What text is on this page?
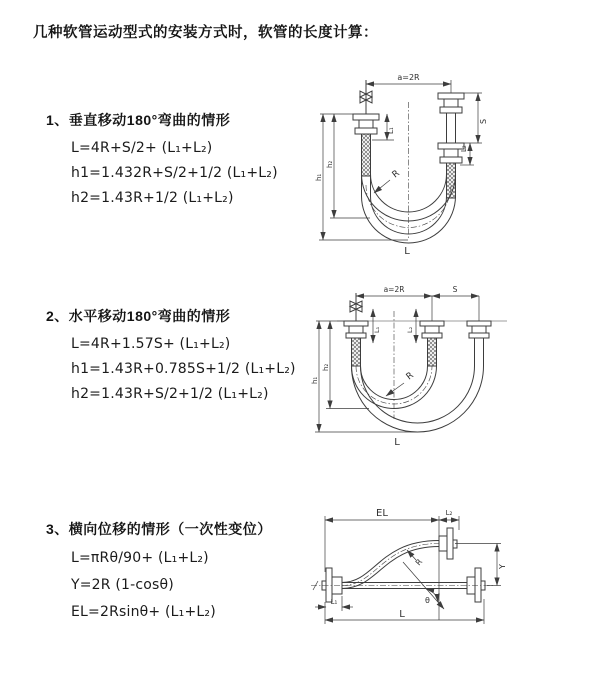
几种软管运动型式的安装方式时，软管的长度计算：
1、垂直移动180°弯曲的情形
L=4R+S/2+ (L₁+L₂)
h1=1.432R+S/2+1/2 (L₁+L₂)
h2=1.43R+1/2 (L₁+L₂)
2、水平移动180°弯曲的情形
L=4R+1.57S+ (L₁+L₂)
h1=1.43R+0.785S+1/2 (L₁+L₂)
h2=1.43R+S/2+1/2 (L₁+L₂)
3、横向位移的情形（一次性变位）
L=πRθ/90+ (L₁+L₂)
Y=2R (1-cosθ)
EL=2Rsinθ+ (L₁+L₂)
a=2R
L₁
S
L₂
h₂
h₁	R
L
a=2R	S
L₁	L₂
h₂
h₁	R
L
EL	L₂
Y
L
L₁
R
θ
